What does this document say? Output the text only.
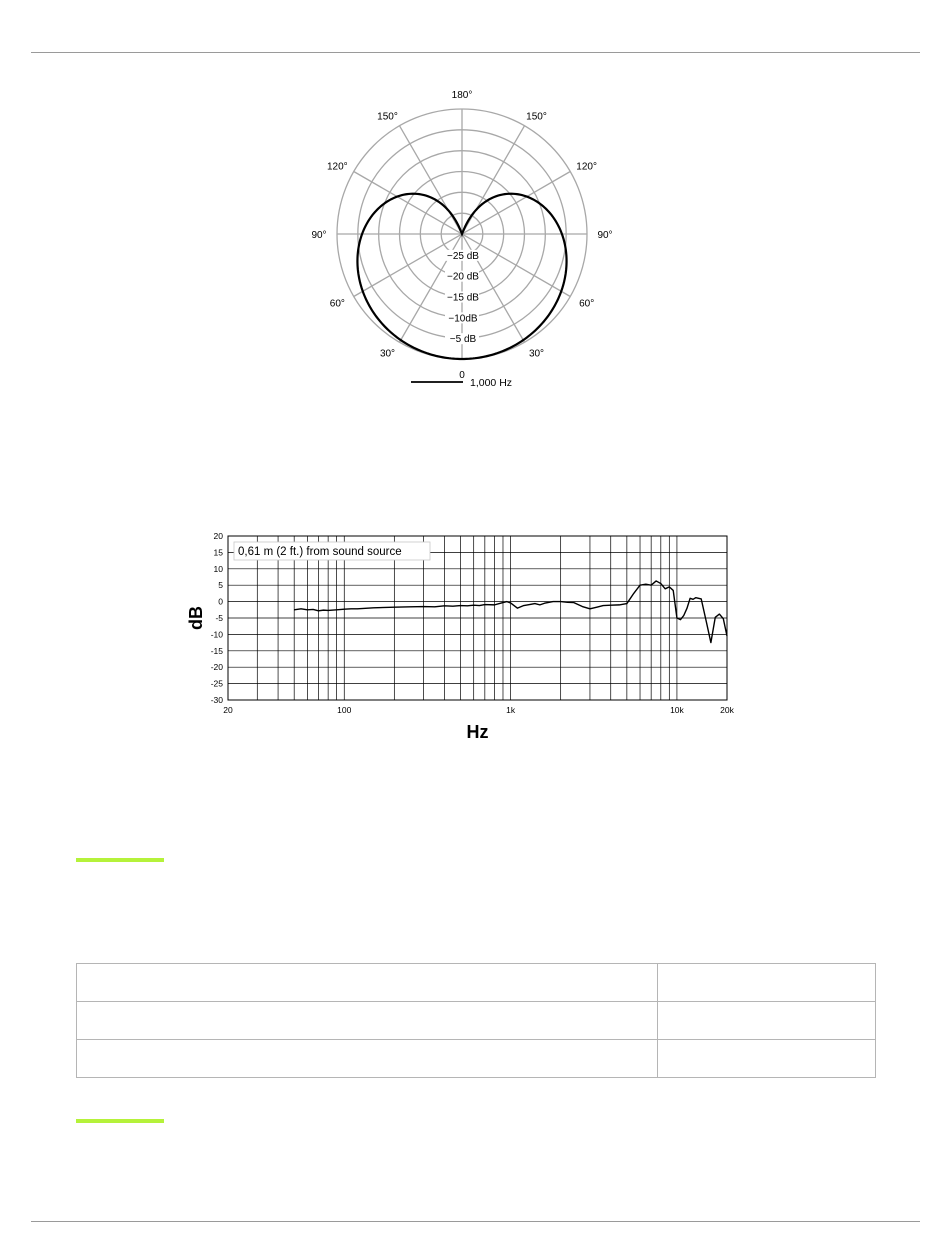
180°
150°	150°
120°	120°
90°	90°
60°	60°
30°	30°
0
−25 dB
−20 dB
−15 dB
−10dB
−5 dB
1,000 Hz
20
15
10
5
0
-5
-10
-15
-20
-25
-30
20	100	1k	10k	20k
Hz
dB
0,61 m (2 ft.) from sound source
